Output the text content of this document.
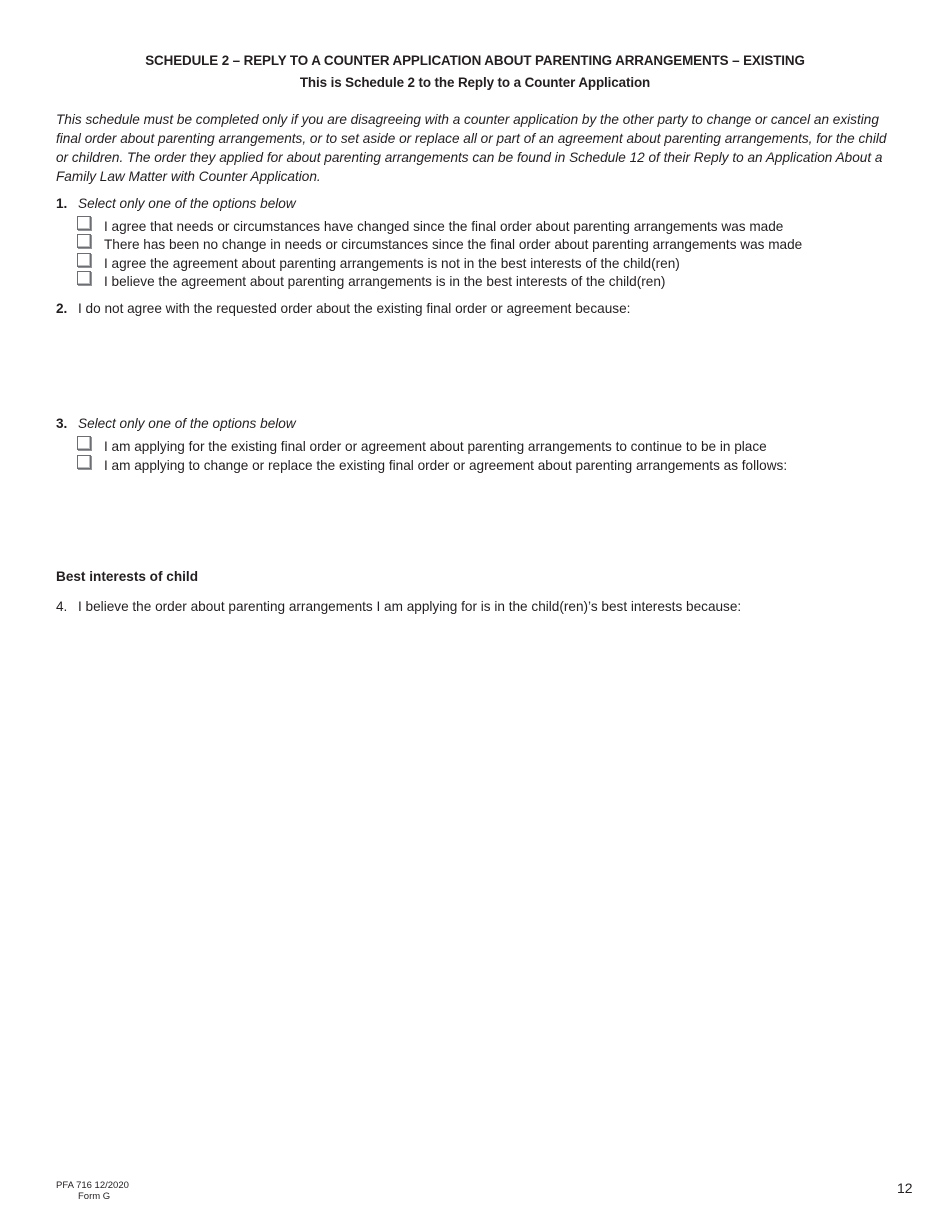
SCHEDULE 2 – REPLY TO A COUNTER APPLICATION ABOUT PARENTING ARRANGEMENTS – EXISTING
This is Schedule 2 to the Reply to a Counter Application
This schedule must be completed only if you are disagreeing with a counter application by the other party to change or cancel an existing final order about parenting arrangements, or to set aside or replace all or part of an agreement about parenting arrangements, for the child or children. The order they applied for about parenting arrangements can be found in Schedule 12 of their Reply to an Application About a Family Law Matter with Counter Application.
1. Select only one of the options below
I agree that needs or circumstances have changed since the final order about parenting arrangements was made
There has been no change in needs or circumstances since the final order about parenting arrangements was made
I agree the agreement about parenting arrangements is not in the best interests of the child(ren)
I believe the agreement about parenting arrangements is in the best interests of the child(ren)
2. I do not agree with the requested order about the existing final order or agreement because:
3. Select only one of the options below
I am applying for the existing final order or agreement about parenting arrangements to continue to be in place
I am applying to change or replace the existing final order or agreement about parenting arrangements as follows:
Best interests of child
4. I believe the order about parenting arrangements I am applying for is in the child(ren)’s best interests because:
PFA 716 12/2020
Form G
12
